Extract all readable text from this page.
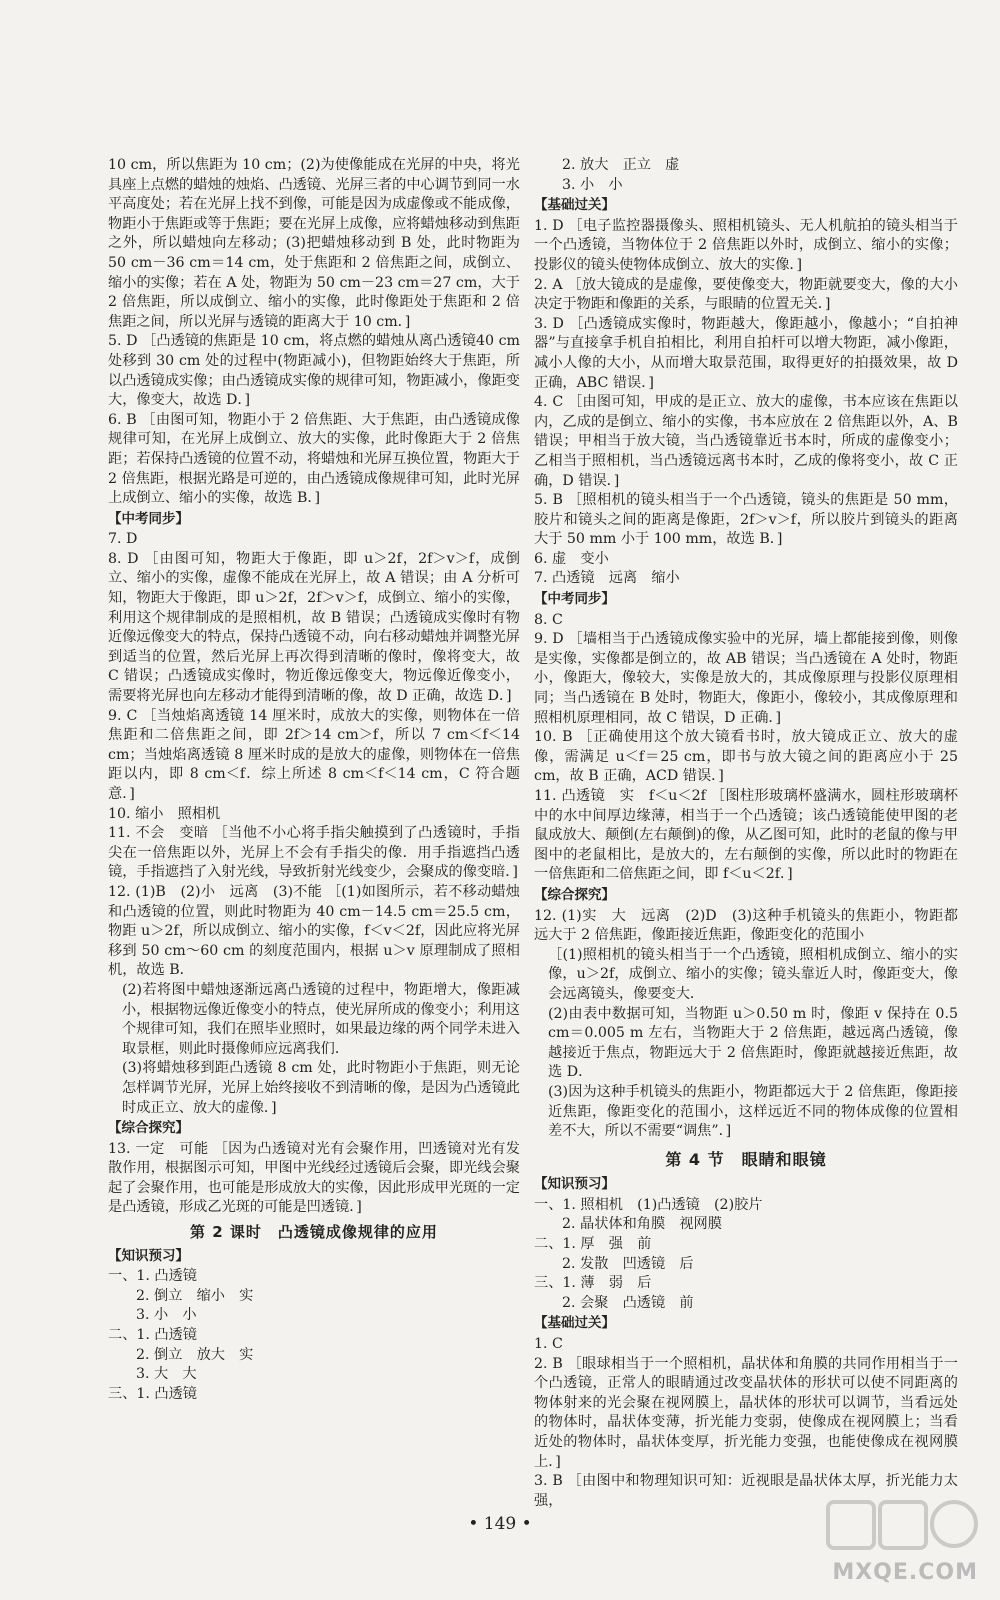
10 cm，所以焦距为 10 cm；(2)为使像能成在光屏的中央，将光具座上点燃的蜡烛的烛焰、凸透镜、光屏三者的中心调节到同一水平高度处；若在光屏上找不到像，可能是因为成虚像或不能成像，物距小于焦距或等于焦距；要在光屏上成像，应将蜡烛移动到焦距之外，所以蜡烛向左移动；(3)把蜡烛移动到 B 处，此时物距为 50 cm－36 cm＝14 cm，处于焦距和 2 倍焦距之间，成倒立、缩小的实像；若在 A 处，物距为 50 cm－23 cm＝27 cm，大于 2 倍焦距，所以成倒立、缩小的实像，此时像距处于焦距和 2 倍焦距之间，所以光屏与透镜的距离大于 10 cm．]
5. D ［凸透镜的焦距是 10 cm，将点燃的蜡烛从离凸透镜40 cm处移到 30 cm 处的过程中(物距减小)，但物距始终大于焦距，所以凸透镜成实像；由凸透镜成实像的规律可知，物距减小，像距变大，像变大，故选 D．]
6. B ［由图可知，物距小于 2 倍焦距、大于焦距，由凸透镜成像规律可知，在光屏上成倒立、放大的实像，此时像距大于 2 倍焦距；若保持凸透镜的位置不动，将蜡烛和光屏互换位置，物距大于 2 倍焦距，根据光路是可逆的，由凸透镜成像规律可知，此时光屏上成倒立、缩小的实像，故选 B．]
【中考同步】
7. D
8. D ［由图可知，物距大于像距，即 u＞2f，2f＞v＞f，成倒立、缩小的实像，虚像不能成在光屏上，故 A 错误；由 A 分析可知，物距大于像距，即 u＞2f，2f＞v＞f，成倒立、缩小的实像，利用这个规律制成的是照相机，故 B 错误；凸透镜成实像时有物近像远像变大的特点，保持凸透镜不动，向右移动蜡烛并调整光屏到适当的位置，然后光屏上再次得到清晰的像时，像将变大，故 C 错误；凸透镜成实像时，物近像远像变大，物远像近像变小，需要将光屏也向左移动才能得到清晰的像，故 D 正确，故选 D．]
9. C ［当烛焰离透镜 14 厘米时，成放大的实像，则物体在一倍焦距和二倍焦距之间，即 2f＞14 cm＞f，所以 7 cm＜f＜14 cm；当烛焰离透镜 8 厘米时成的是放大的虚像，则物体在一倍焦距以内，即 8 cm＜f．综上所述 8 cm＜f＜14 cm，C 符合题意．]
10. 缩小　照相机
11. 不会　变暗 ［当他不小心将手指尖触摸到了凸透镜时，手指尖在一倍焦距以外，光屏上不会有手指尖的像．用手指遮挡凸透镜，手指遮挡了入射光线，导致折射光线变少，会聚成的像变暗．]
12. (1)B　(2)小　远离　(3)不能 ［(1)如图所示，若不移动蜡烛和凸透镜的位置，则此时物距为 40 cm－14.5 cm＝25.5 cm，物距 u＞2f，所以成倒立、缩小的实像，f＜v＜2f，因此应将光屏移到 50 cm～60 cm 的刻度范围内，根据 u＞v 原理制成了照相机，故选 B．
(2)若将图中蜡烛逐渐远离凸透镜的过程中，物距增大，像距减小，根据物远像近像变小的特点，使光屏所成的像变小；利用这个规律可知，我们在照毕业照时，如果最边缘的两个同学未进入取景框，则此时摄像师应远离我们．
(3)将蜡烛移到距凸透镜 8 cm 处，此时物距小于焦距，则无论怎样调节光屏，光屏上始终接收不到清晰的像，是因为凸透镜此时成正立、放大的虚像．]
【综合探究】
13. 一定　可能 ［因为凸透镜对光有会聚作用，凹透镜对光有发散作用，根据图示可知，甲图中光线经过透镜后会聚，即光线会聚起了会聚作用，也可能是形成放大的实像，因此形成甲光斑的一定是凸透镜，形成乙光斑的可能是凹透镜．]
第 2 课时　凸透镜成像规律的应用
【知识预习】
一、1. 凸透镜
2. 倒立　缩小　实
3. 小　小
二、1. 凸透镜
2. 倒立　放大　实
3. 大　大
三、1. 凸透镜
2. 放大　正立　虚
3. 小　小
【基础过关】
1. D ［电子监控器摄像头、照相机镜头、无人机航拍的镜头相当于一个凸透镜，当物体位于 2 倍焦距以外时，成倒立、缩小的实像；投影仪的镜头使物体成倒立、放大的实像．]
2. A ［放大镜成的是虚像，要使像变大，物距就要变大，像的大小决定于物距和像距的关系，与眼睛的位置无关．]
3. D ［凸透镜成实像时，物距越大，像距越小，像越小；“自拍神器”与直接拿手机自拍相比，利用自拍杆可以增大物距，减小像距，减小人像的大小，从而增大取景范围，取得更好的拍摄效果，故 D 正确，ABC 错误．]
4. C ［由图可知，甲成的是正立、放大的虚像，书本应该在焦距以内，乙成的是倒立、缩小的实像，书本应放在 2 倍焦距以外，A、B 错误；甲相当于放大镜，当凸透镜靠近书本时，所成的虚像变小；乙相当于照相机，当凸透镜远离书本时，乙成的像将变小，故 C 正确，D 错误．]
5. B ［照相机的镜头相当于一个凸透镜，镜头的焦距是 50 mm，胶片和镜头之间的距离是像距，2f＞v＞f，所以胶片到镜头的距离大于 50 mm 小于 100 mm，故选 B．]
6. 虚　变小
7. 凸透镜　远离　缩小
【中考同步】
8. C
9. D ［墙相当于凸透镜成像实验中的光屏，墙上都能接到像，则像是实像，实像都是倒立的，故 AB 错误；当凸透镜在 A 处时，物距小，像距大，像较大，实像是放大的，其成像原理与投影仪原理相同；当凸透镜在 B 处时，物距大，像距小，像较小，其成像原理和照相机原理相同，故 C 错误，D 正确．]
10. B ［正确使用这个放大镜看书时，放大镜成正立、放大的虚像，需满足 u＜f＝25 cm，即书与放大镜之间的距离应小于 25 cm，故 B 正确，ACD 错误．]
11. 凸透镜　实　f＜u＜2f ［图柱形玻璃杯盛满水，圆柱形玻璃杯中的水中间厚边缘薄，相当于一个凸透镜；该凸透镜能使甲图的老鼠成放大、颠倒(左右颠倒)的像，从乙图可知，此时的老鼠的像与甲图中的老鼠相比，是放大的，左右颠倒的实像，所以此时的物距在一倍焦距和二倍焦距之间，即 f＜u＜2f．]
【综合探究】
12. (1)实　大　远离　(2)D　(3)这种手机镜头的焦距小，物距都远大于 2 倍焦距，像距接近焦距，像距变化的范围小
［(1)照相机的镜头相当于一个凸透镜，照相机成倒立、缩小的实像，u＞2f，成倒立、缩小的实像；镜头靠近人时，像距变大，像会远离镜头，像要变大．
(2)由表中数据可知，当物距 u＞0.50 m 时，像距 v 保持在 0.5 cm＝0.005 m 左右，当物距大于 2 倍焦距，越远离凸透镜，像越接近于焦点，物距远大于 2 倍焦距时，像距就越接近焦距，故选 D．
(3)因为这种手机镜头的焦距小，物距都远大于 2 倍焦距，像距接近焦距，像距变化的范围小，这样远近不同的物体成像的位置相差不大，所以不需要“调焦”．]
第 4 节　眼睛和眼镜
【知识预习】
一、1. 照相机　(1)凸透镜　(2)胶片
2. 晶状体和角膜　视网膜
二、1. 厚　强　前
2. 发散　凹透镜　后
三、1. 薄　弱　后
2. 会聚　凸透镜　前
【基础过关】
1. C
2. B ［眼球相当于一个照相机，晶状体和角膜的共同作用相当于一个凸透镜，正常人的眼睛通过改变晶状体的形状可以使不同距离的物体射来的光会聚在视网膜上，晶状体的形状可以调节，当看远处的物体时，晶状体变薄，折光能力变弱，使像成在视网膜上；当看近处的物体时，晶状体变厚，折光能力变强，也能使像成在视网膜上．]
3. B ［由图中和物理知识可知：近视眼是晶状体太厚，折光能力太强，
• 149 •
MXQE.COM
